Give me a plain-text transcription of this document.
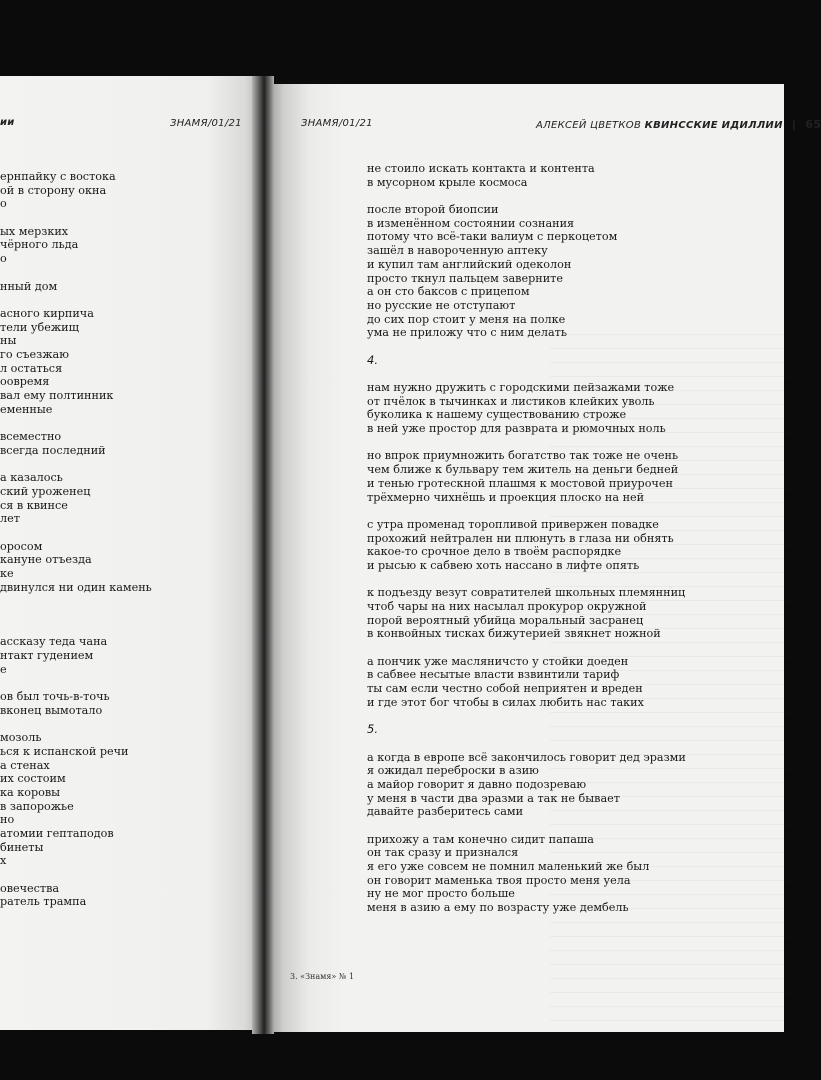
ии	ЗНАМЯ/01/21
ернпайку с востока
ой в сторону окна
о
ых мерзких
чёрного льда
о
нный дом
асного кирпича
тели убежищ
ны
го съезжаю
л остаться
оовремя
вал ему полтинник
еменные
всеместно
всегда последний
а казалось
ский уроженец
ся в квинсе
лет
оросом
кануне отъезда
ке
двинулся ни один камень
ассказу теда чана
нтакт гудением
е
ов был точь-в-точь
вконец вымотало
мозоль
ься к испанской речи
а стенах
их состоим
ка коровы
в запорожье
но
атомии гептаподов
бинеты
х
овечества
ратель трампа
ЗНАМЯ/01/21	АЛЕКСЕЙ ЦВЕТКОВ КВИНССКИЕ ИДИЛЛИИ | 65
не стоило искать контакта и контента
в мусорном крыле космоса
после второй биопсии
в изменённом состоянии сознания
потому что всё-таки валиум с перкоцетом
зашёл в навороченную аптеку
и купил там английский одеколон
просто ткнул пальцем заверните
а он сто баксов с прицепом
но русские не отступают
до сих пор стоит у меня на полке
ума не приложу что с ним делать
4.
нам нужно дружить с городскими пейзажами тоже
от пчёлок в тычинках и листиков клейких уволь
буколика к нашему существованию строже
в ней уже простор для разврата и рюмочных ноль
но впрок приумножить богатство так тоже не очень
чем ближе к бульвару тем житель на деньги бедней
и тенью гротескной плашмя к мостовой приурочен
трёхмерно чихнёшь и проекция плоско на ней
с утра променад торопливой привержен повадке
прохожий нейтрален ни плюнуть в глаза ни обнять
какое-то срочное дело в твоём распорядке
и рысью к сабвею хоть нассано в лифте опять
к подъезду везут совратителей школьных племянниц
чтоб чары на них насылал прокурор окружной
порой вероятный убийца моральный засранец
в конвойных тисках бижутерией звякнет ножной
а пончик уже масляничсто у стойки доеден
в сабвее несытые власти взвинтили тариф
ты сам если честно собой неприятен и вреден
и где этот бог чтобы в силах любить нас таких
5.
а когда в европе всё закончилось говорит дед эразми
я ожидал переброски в азию
а майор говорит я давно подозреваю
у меня в части два эразми а так не бывает
давайте разберитесь сами
прихожу а там конечно сидит папаша
он так сразу и признался
я его уже совсем не помнил маленький же был
он говорит маменька твоя просто меня уела
ну не мог просто больше
меня в азию а ему по возрасту уже дембель
3. «Знамя» № 1
